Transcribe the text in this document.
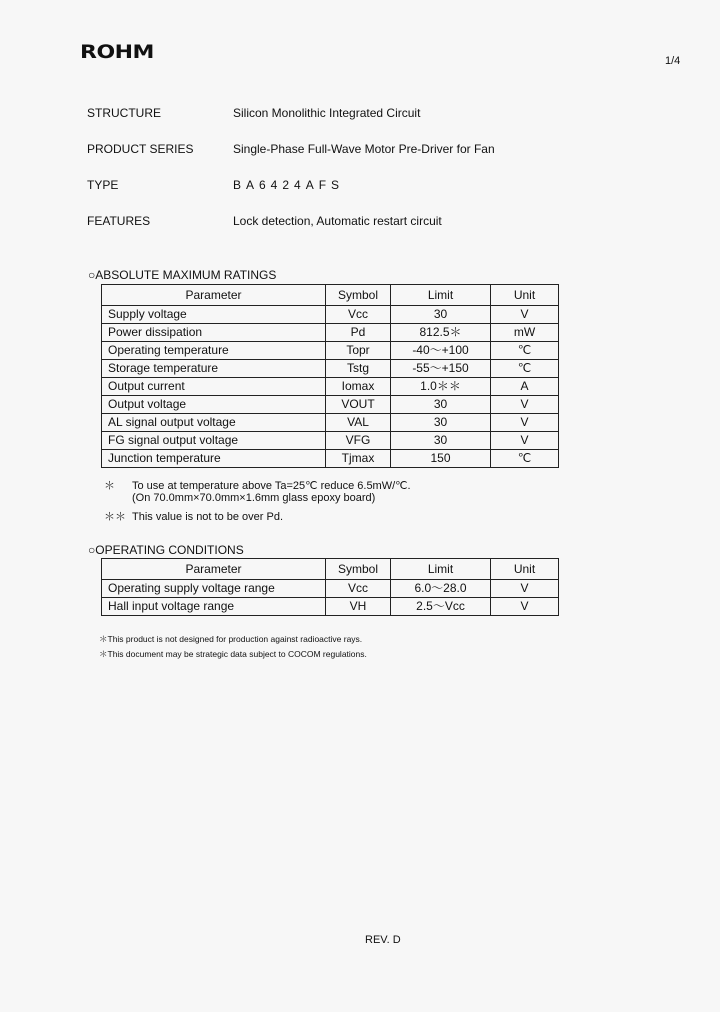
ROHM	1/4
STRUCTURE	Silicon Monolithic Integrated Circuit
PRODUCT SERIES	Single-Phase Full-Wave Motor Pre-Driver for Fan
TYPE	BA6424AFS
FEATURES	Lock detection, Automatic restart circuit
○ABSOLUTE MAXIMUM RATINGS
Parameter	Symbol	Limit	Unit
Supply voltage	Vcc	30	V
Power dissipation	Pd	812.5＊	mW
Operating temperature	Topr	-40～+100	℃
Storage temperature	Tstg	-55～+150	℃
Output current	Iomax	1.0＊＊	A
Output voltage	VOUT	30	V
AL signal output voltage	VAL	30	V
FG signal output voltage	VFG	30	V
Junction temperature	Tjmax	150	℃
＊ To use at temperature above Ta=25℃ reduce 6.5mW/℃.
(On 70.0mm×70.0mm×1.6mm glass epoxy board)
＊＊ This value is not to be over Pd.
○OPERATING CONDITIONS
Parameter	Symbol	Limit	Unit
Operating supply voltage range	Vcc	6.0～28.0	V
Hall input voltage range	VH	2.5～Vcc	V
＊This product is not designed for production against radioactive rays.
＊This document may be strategic data subject to COCOM regulations.
REV. D
